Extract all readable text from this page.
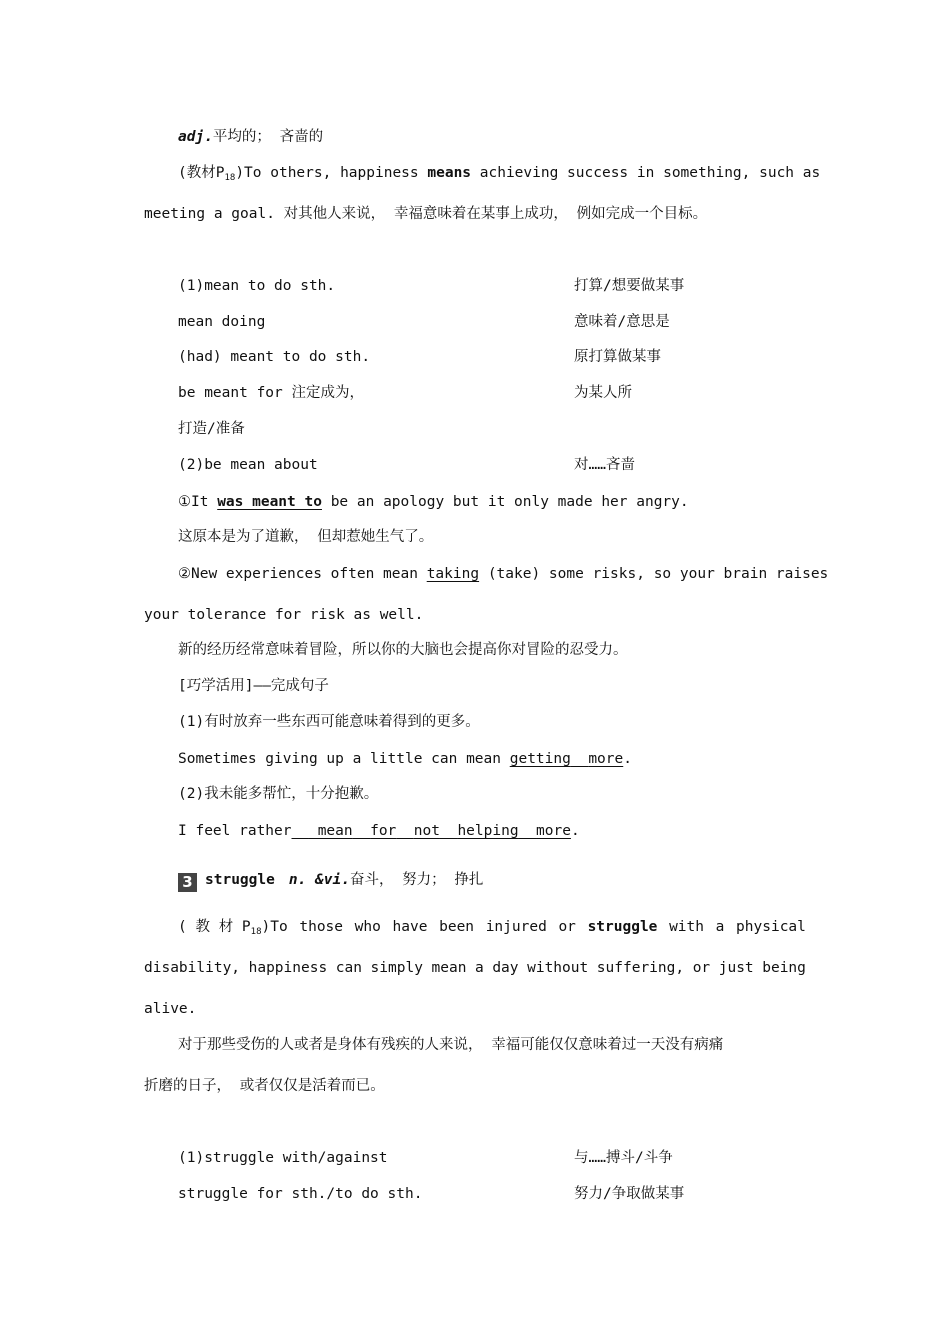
adj.平均的； 吝啬的
(教材$P_{18})To$ others, happiness means achieving success in something, such as
meeting a goal. 对其他人来说， 幸福意味着在某事上成功， 例如完成一个目标。
(1)mean to do sth.	打算/想要做某事
mean doing	意味着/意思是
(had) meant to do sth.	原打算做某事
be meant for 注定成为，	为某人所
打造/准备
(2)be mean about	对……吝啬
①It was meant to be an apology but it only made her angry.
这原本是为了道歉， 但却惹她生气了。
②New experiences often mean taking (take) some risks, so your brain raises
your tolerance for risk as well.
新的经历经常意味着冒险，所以你的大脑也会提高你对冒险的忍受力。
[巧学活用]——完成句子
(1)有时放弃一些东西可能意味着得到的更多。
Sometimes giving up a little can mean getting more.
(2)我未能多帮忙，十分抱歉。
I feel rather   mean for not helping more.
3 struggle n. &vi.奋斗， 努力； 挣扎
( 教 材 $P_{18})To$ those who have been injured or struggle with a physical
disability, happiness can simply mean a day without suffering, or just being
alive.
对于那些受伤的人或者是身体有残疾的人来说， 幸福可能仅仅意味着过一天没有病痛
折磨的日子， 或者仅仅是活着而已。
(1)struggle with/against	与……搏斗/斗争
struggle for sth./to do sth.	努力/争取做某事
